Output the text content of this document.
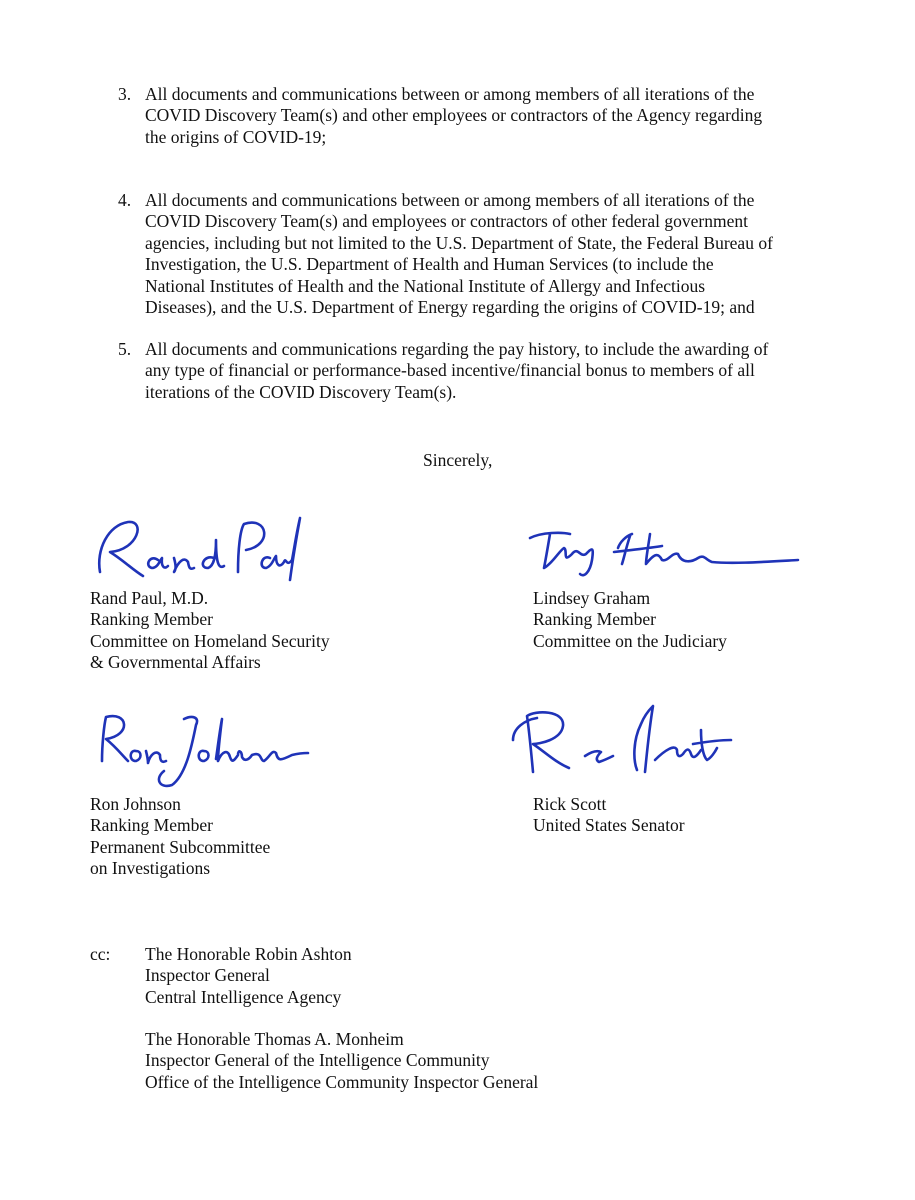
3. All documents and communications between or among members of all iterations of the
COVID Discovery Team(s) and other employees or contractors of the Agency regarding
the origins of COVID-19;
4. All documents and communications between or among members of all iterations of the
COVID Discovery Team(s) and employees or contractors of other federal government
agencies, including but not limited to the U.S. Department of State, the Federal Bureau of
Investigation, the U.S. Department of Health and Human Services (to include the
National Institutes of Health and the National Institute of Allergy and Infectious
Diseases), and the U.S. Department of Energy regarding the origins of COVID-19; and
5. All documents and communications regarding the pay history, to include the awarding of
any type of financial or performance-based incentive/financial bonus to members of all
iterations of the COVID Discovery Team(s).
Sincerely,
Rand Paul, M.D.
Ranking Member
Committee on Homeland Security
& Governmental Affairs
Lindsey Graham
Ranking Member
Committee on the Judiciary
Ron Johnson
Ranking Member
Permanent Subcommittee
on Investigations
Rick Scott
United States Senator
cc: The Honorable Robin Ashton
Inspector General
Central Intelligence Agency
The Honorable Thomas A. Monheim
Inspector General of the Intelligence Community
Office of the Intelligence Community Inspector General
